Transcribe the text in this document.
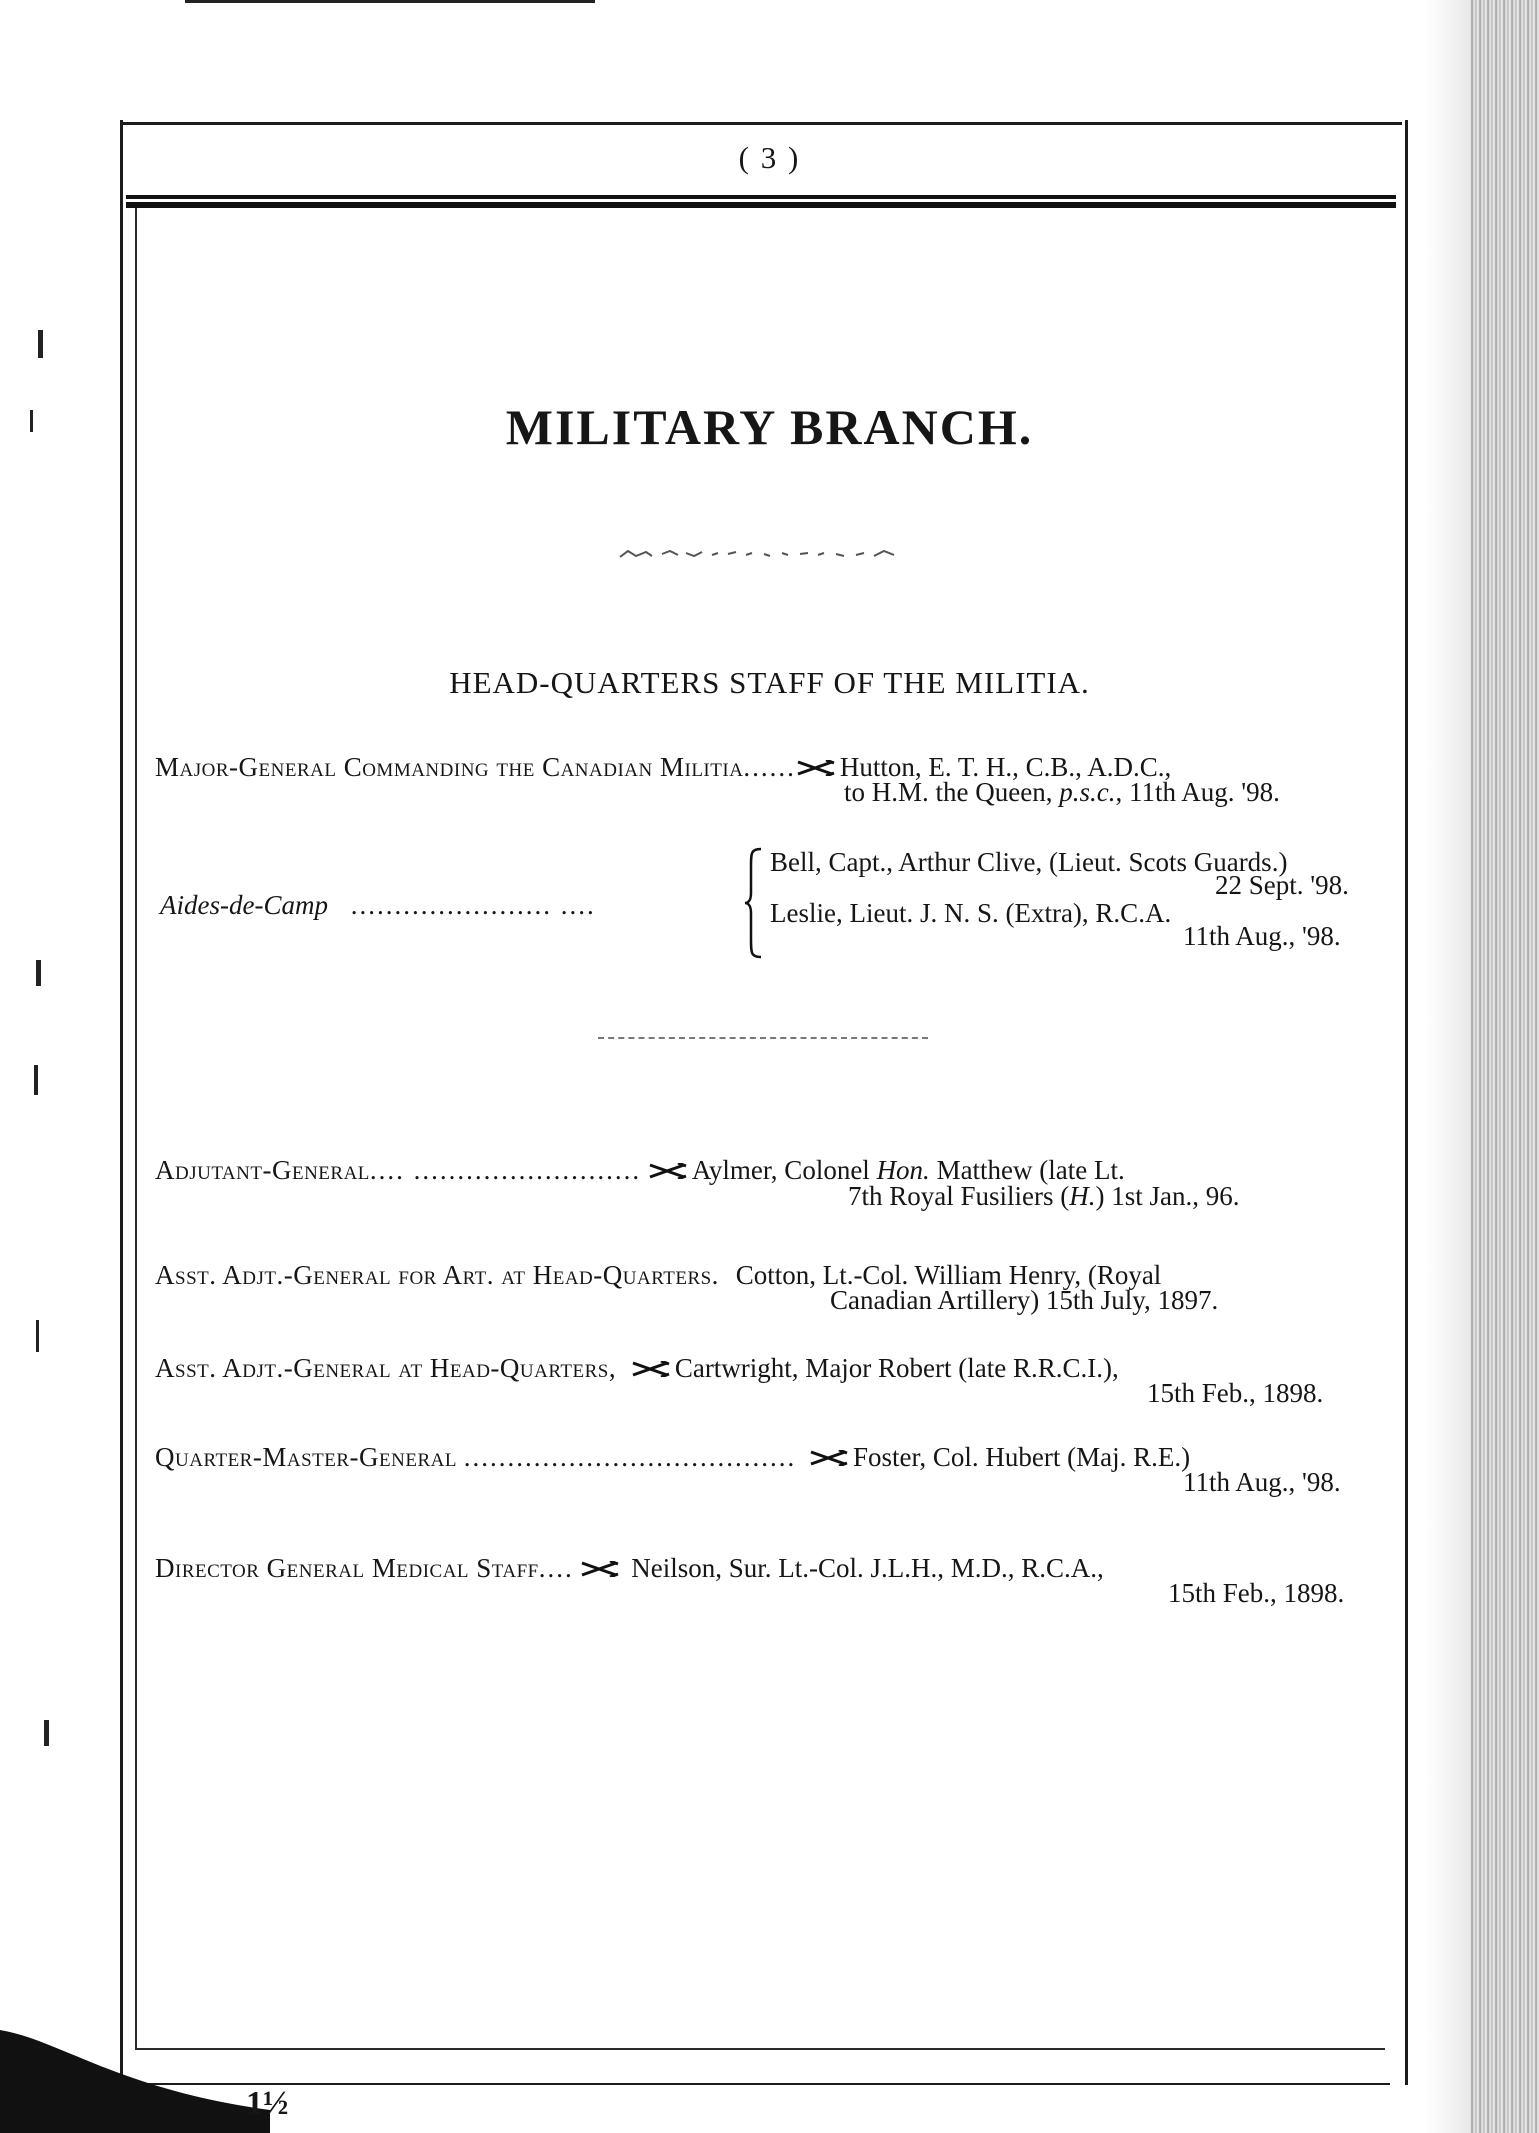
( 3 )
MILITARY BRANCH.
HEAD-QUARTERS STAFF OF THE MILITIA.
Major-General Commanding the Canadian Militia...... Hutton, E. T. H., C.B., A.D.C.,
to H.M. the Queen, p.s.c., 11th Aug. '98.
Aides-de-Camp ....................... ....
Bell, Capt., Arthur Clive, (Lieut. Scots Guards.)
22 Sept. '98.
Leslie, Lieut. J. N. S. (Extra), R.C.A.
11th Aug., '98.
Adjutant-General.... .......................... Aylmer, Colonel Hon. Matthew (late Lt.
7th Royal Fusiliers (H.) 1st Jan., 96.
Asst. Adjt.-General for Art. at Head-Quarters. Cotton, Lt.-Col. William Henry, (Royal
Canadian Artillery) 15th July, 1897.
Asst. Adjt.-General at Head-Quarters, Cartwright, Major Robert (late R.R.C.I.),
15th Feb., 1898.
Quarter-Master-General ...................................... Foster, Col. Hubert (Maj. R.E.)
11th Aug., '98.
Director General Medical Staff.... Neilson, Sur. Lt.-Col. J.L.H., M.D., R.C.A.,
15th Feb., 1898.
1½
